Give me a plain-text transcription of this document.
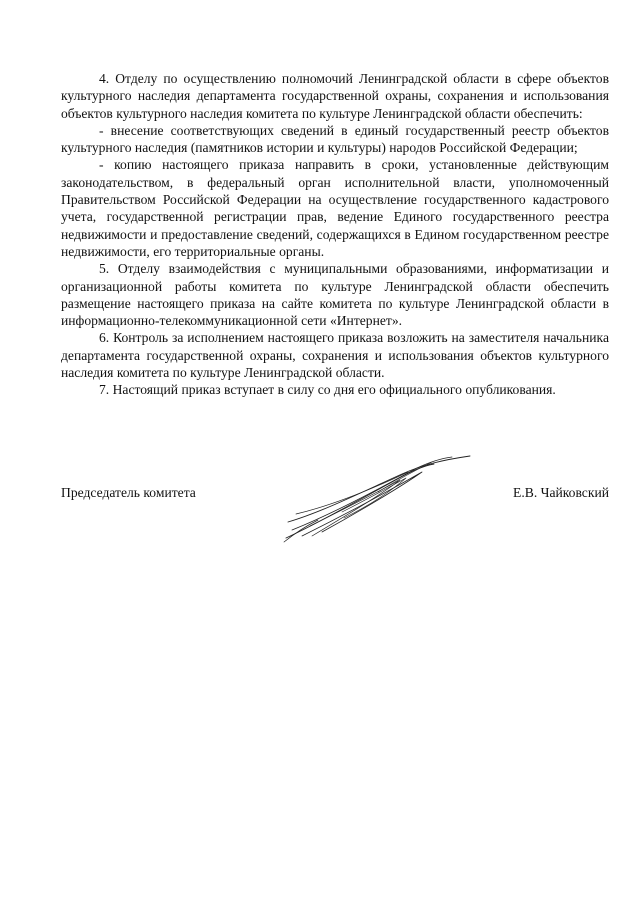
4. Отделу по осуществлению полномочий Ленинградской области в сфере объектов культурного наследия департамента государственной охраны, сохранения и использования объектов культурного наследия комитета по культуре Ленинградской области обеспечить:

- внесение соответствующих сведений в единый государственный реестр объектов культурного наследия (памятников истории и культуры) народов Российской Федерации;

- копию настоящего приказа направить в сроки, установленные действующим законодательством, в федеральный орган исполнительной власти, уполномоченный Правительством Российской Федерации на осуществление государственного кадастрового учета, государственной регистрации прав, ведение Единого государственного реестра недвижимости и предоставление сведений, содержащихся в Едином государственном реестре недвижимости, его территориальные органы.

5. Отделу взаимодействия с муниципальными образованиями, информатизации и организационной работы комитета по культуре Ленинградской области обеспечить размещение настоящего приказа на сайте комитета по культуре Ленинградской области в информационно-телекоммуникационной сети «Интернет».

6. Контроль за исполнением настоящего приказа возложить на заместителя начальника департамента государственной охраны, сохранения и использования объектов культурного наследия комитета по культуре Ленинградской области.

7. Настоящий приказ вступает в силу со дня его официального опубликования.

Председатель комитета	Е.В. Чайковский
